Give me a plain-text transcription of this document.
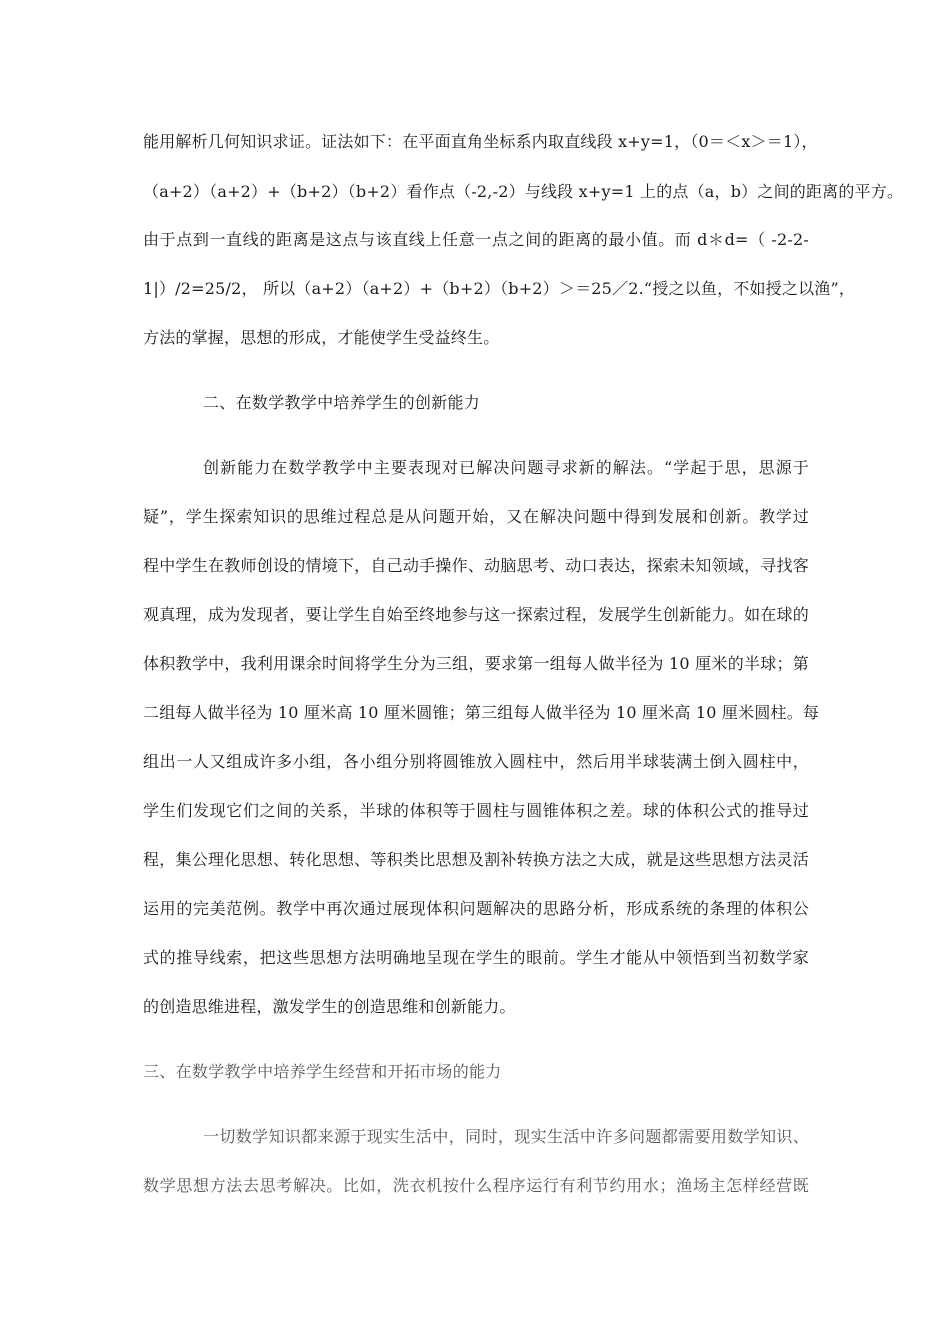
能用解析几何知识求证。证法如下：在平面直角坐标系内取直线段 x+y=1，（0＝＜x＞＝1），
（a+2）（a+2）+（b+2）（b+2）看作点（-2,-2）与线段 x+y=1 上的点（a，b）之间的距离的平方。
由于点到一直线的距离是这点与该直线上任意一点之间的距离的最小值。而 d＊d=（ -2-2-
1|）/2=25/2， 所以（a+2）（a+2）+（b+2）（b+2）＞＝25／2.“授之以鱼，不如授之以渔”，
方法的掌握，思想的形成，才能使学生受益终生。
二、在数学教学中培养学生的创新能力
创新能力在数学教学中主要表现对已解决问题寻求新的解法。“学起于思，思源于
疑”，学生探索知识的思维过程总是从问题开始，又在解决问题中得到发展和创新。教学过
程中学生在教师创设的情境下，自己动手操作、动脑思考、动口表达，探索未知领域，寻找客
观真理，成为发现者，要让学生自始至终地参与这一探索过程，发展学生创新能力。如在球的
体积教学中，我利用课余时间将学生分为三组，要求第一组每人做半径为 10 厘米的半球；第
二组每人做半径为 10 厘米高 10 厘米圆锥；第三组每人做半径为 10 厘米高 10 厘米圆柱。每
组出一人又组成许多小组，各小组分别将圆锥放入圆柱中，然后用半球装满土倒入圆柱中，
学生们发现它们之间的关系，半球的体积等于圆柱与圆锥体积之差。球的体积公式的推导过
程，集公理化思想、转化思想、等积类比思想及割补转换方法之大成，就是这些思想方法灵活
运用的完美范例。教学中再次通过展现体积问题解决的思路分析，形成系统的条理的体积公
式的推导线索，把这些思想方法明确地呈现在学生的眼前。学生才能从中领悟到当初数学家
的创造思维进程，激发学生的创造思维和创新能力。
三、在数学教学中培养学生经营和开拓市场的能力
一切数学知识都来源于现实生活中，同时，现实生活中许多问题都需要用数学知识、
数学思想方法去思考解决。比如，洗衣机按什么程序运行有利节约用水；渔场主怎样经营既
